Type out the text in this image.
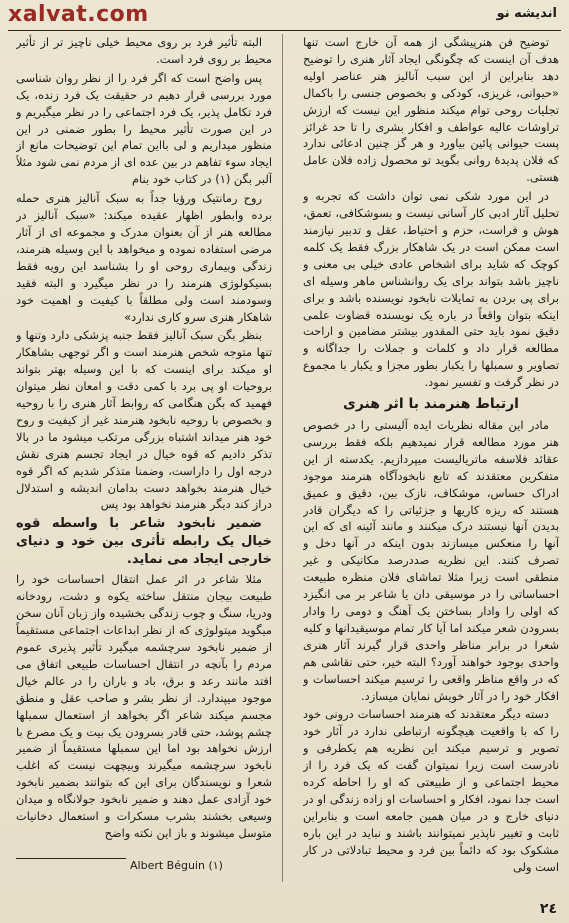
xalvat.com	اندیشه نو

توضیح فن هنرپیشگی از همه آن خارج است تنها هدف آن اینست که چگونگی ایجاد آثار هنری را توضیح دهد بنابراین از این سبب آنالیز هنر عناصر اولیه «حیوانی، غریزی، کودکی و بخصوص جنسی را باکمال تجلیات روحی توام میکند منظور این نیست که ارزش تراوشات عالیه عواطف و افکار بشری را تا حد غرائز پست حیوانی پائین بیاورد و هر گز چنین ادعائی ندارد که فلان پدیدهٔ روانی بگوید تو محصول زاده فلان عامل هستی.

در این مورد شکی نمی توان داشت که تجربه و تحلیل آثار ادبی کار آسانی نیست و بسوشکافی، تعمق، هوش و فراست، حزم و احتیاط، عقل و تدبیر نیازمند است ممکن است در یک شاهکار بزرگ فقط یک کلمه کوچک که شاید برای اشخاص عادی خیلی بی معنی و ناچیز باشد بتواند برای یک روانشناس ماهر وسیله ای برای پی بردن به تمایلات نابخود نویسنده باشد و برای اینکه بتوان واقعاً در باره یک نویسنده قضاوت علمی دقیق نمود باید حتی المقدور بیشتر مضامین و اراحت مطالعه قرار داد و کلمات و جملات را جداگانه و تصاویر و سمبلها را یکبار بطور مجزا و یکبار با مجموع در نظر گرفت و تفسیر نمود.

ارتباط هنرمند با اثر هنری

مادر این مقاله نظریات ایده آلیستی را در خصوص هنر مورد مطالعه قرار نمیدهیم بلکه فقط بررسی عقائد فلاسفه ماتریالیست میپردازیم. یکدسته از این متفکرین معتقدند که تابع نابخودآگاه هنرمند موجود ادراک حساس، موشکاف، نازک بین، دقیق و عمیق هستند که ریزه کاریها و جزئیاتی را که دیگران قادر بدیدن آنها نیستند درک میکنند و مانند آئینه ای که این آنها را منعکس میسازند بدون اینکه در آنها دخل و تصرف کنند. این نظریه صددرصد مکانیکی و غیر منطقی است زیرا مثلا تماشای فلان منظره طبیعت احساساتی را در موسیقی دان یا شاعر بر می انگیزد که اولی را وادار بساختن یک آهنگ و دومی را وادار بسرودن شعر میکند اما آیا کار تمام موسیقیدانها و کلیه شعرا در برابر مناظر واحدی قرار گیرند آثار هنری واحدی بوجود خواهند آورد؟ البته خیر، حتی نقاشی هم که در واقع مناظر واقعی را ترسیم میکند احساسات و افکار خود را در آثار خویش نمایان میسازد.

دسته دیگر معتقدند که هنرمند احساسات درونی خود را که با واقعیت هیچگونه ارتباطی ندارد در آثار خود تصویر و ترسیم میکند این نظریه هم یکطرفی و نادرست است زیرا نمیتوان گفت که یک فرد را از محیط اجتماعی و از طبیعتی که او را احاطه کرده است جدا نمود، افکار و احساسات او زاده زندگی او در دنیای خارج و در میان همین جامعه است و بنابراین ثابت و تغییر ناپذیر نمیتوانند باشند و نباید در این باره مشکوک بود که دائماً بین فرد و محیط تبادلاتی در کار است ولی

البته تأثیر فرد بر روی محیط خیلی ناچیز تر از تأثیر محیط بر روی فرد است.

پس واضح است که اگر فرد را از نظر روان شناسی مورد بررسی قرار دهیم در حقیقت یک فرد زنده، یک فرد تکامل پذیر، یک فرد اجتماعی را در نظر میگیریم و در این صورت تأثیر محیط را بطور ضمنی در این منظور میداریم و لی بااین تمام این توضیحات مانع از ایجاد سوء تفاهم در بین عده ای از مردم نمی شود مثلاً آلبر بگن (۱) در کتاب خود بنام

روح رمانتیک ورؤیا جداً به سبک آنالیز هنری حمله برده وابطور اظهار عقیده میکند: «سبک آنالیز در مطالعه هنر از آن بعنوان مدرک و مجموعه ای از آثار مرضی استفاده نموده و میخواهد با این وسیله هنرمند، زندگی وبیماری روحی او را بشناسد این رویه فقط بسیکولوژی هنرمند را در نظر میگیرد و البته فقید وسودمند است ولی مطلقاً با کیفیت و اهمیت خود شاهکار هنری سرو کاری ندارد»

بنظر بگن سبک آنالیز فقط جنبه پزشکی دارد وتنها و تنها متوجه شخص هنرمند است و اگر توجهی بشاهکار او میکند برای اینست که با این وسیله بهتر بتواند بروحیات او پی برد با کمی دقت و امعان نظر میتوان فهمید که بگن هنگامی که روابط آثار هنری را با روحیه و بخصوص با روحیه نابخود هنرمند غیر از کیفیت و روح خود هنر میداند اشتباه بزرگی مرتکب میشود ما در بالا تذکر دادیم که قوه خیال در ایجاد تجسم هنری نقش درجه اول را داراست، وضمنا متذکر شدیم که اگر قوه خیال هنرمند بخواهد دست بدامان اندیشه و استدلال دراز کند دیگر هنرمند نخواهد بود پس

ضمیر نابخود شاعر با واسطه قوه خیال یک رابطه تأثری بین خود و دنیای خارجی ایجاد می نماید.

مثلا شاعر در اثر عمل انتقال احساسات خود را طبیعت بیجان منتقل ساخته یکوه و دشت، رودخانه ودریا، سنگ و چوب زندگی بخشیده واز زبان آنان سخن میگوید میتولوژی که از نظر ابداعات اجتماعی مستقیماً از ضمیر نابخود سرچشمه میگیرد تأثیر پذیری عموم مردم را بآنچه در انتقال احساسات طبیعی اتفاق می افتد مانند رعد و برق، باد و باران را در عالم خیال موجود میپندارد. از نظر بشر و صاحب عقل و منطق مجسم میکند شاعر اگر بخواهد از استعمال سمبلها چشم پوشد، حتی قادر بسرودن یک بیت و یک مصرع با ارزش نخواهد بود اما این سمبلها مستقیماً از ضمیر نابخود سرچشمه میگیرند وبیچهت نیست که اغلب شعرا و نویسندگان برای این که بتوانند بضمیر نابخود خود آزادی عمل دهند و ضمیر نابخود جولانگاه و میدان وسیعی بخشند بشرب مسکرات و استعمال دخانیات متوسل میشوند و باز این نکته واضح

Albert Béguin (۱)
۲٤
